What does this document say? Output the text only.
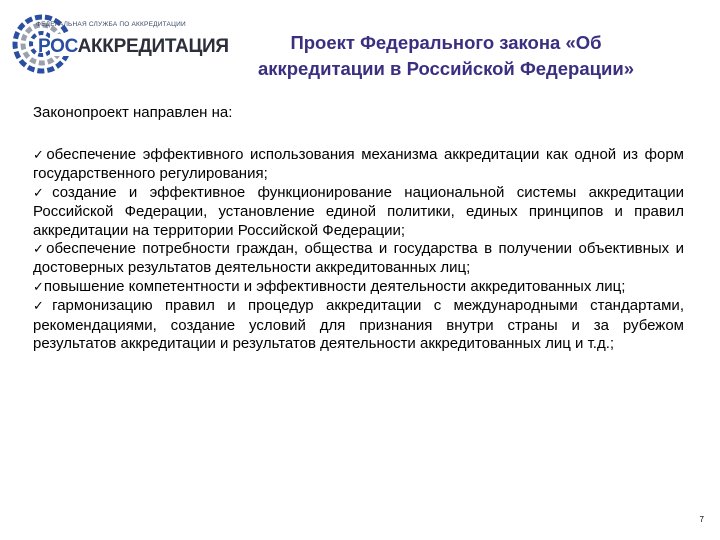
ФЕДЕРАЛЬНАЯ СЛУЖБА ПО АККРЕДИТАЦИИ
РОСАККРЕДИТАЦИЯ	Проект Федерального закона «Об
аккредитации в Российской Федерации»
Законопроект направлен на:

✓обеспечение эффективного использования механизма аккредитации как одной из форм государственного регулирования;

✓создание и эффективное функционирование национальной системы аккредитации Российской Федерации, установление единой политики, единых принципов и правил аккредитации на территории Российской Федерации;

✓обеспечение потребности граждан, общества и государства в получении объективных и достоверных результатов деятельности аккредитованных лиц;

✓повышение компетентности и эффективности деятельности аккредитованных лиц;

✓гармонизацию правил и процедур аккредитации с международными стандартами, рекомендациями, создание условий для признания внутри страны и за рубежом результатов аккредитации и результатов деятельности аккредитованных лиц и т.д.;

7
